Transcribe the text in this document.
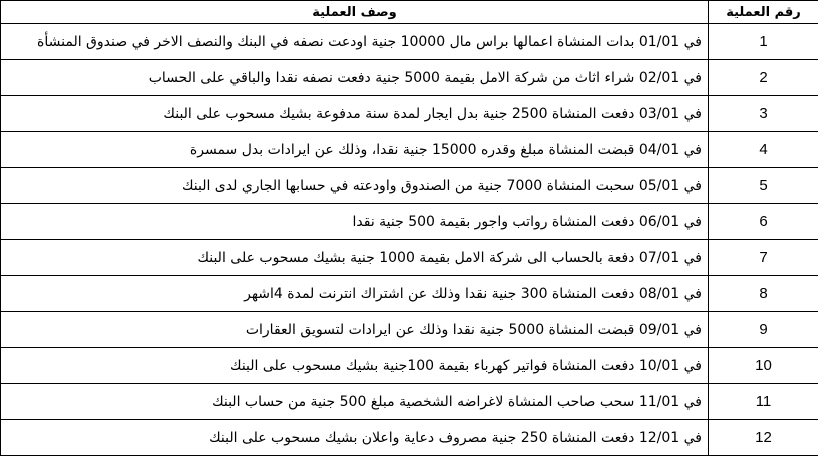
رقم العملية	وصف العملية
1	في 01/01 بدات المنشاة اعمالها براس مال 10000 جنية اودعت نصفه في البنك والنصف الاخر في صندوق المنشأة
2	في 02/01 شراء اثاث من شركة الامل بقيمة 5000 جنية دفعت نصفه نقدا والباقي على الحساب
3	في 03/01 دفعت المنشاة 2500 جنية بدل ايجار لمدة سنة مدفوعة بشيك مسحوب على البنك
4	في 04/01 قبضت المنشاة مبلغ وقدره 15000 جنية نقدا، وذلك عن ايرادات بدل سمسرة
5	في 05/01 سحبت المنشاة 7000 جنية من الصندوق واودعته في حسابها الجاري لدى البنك
6	في 06/01 دفعت المنشاة رواتب واجور بقيمة 500 جنية نقدا
7	في 07/01 دفعة بالحساب الى شركة الامل بقيمة 1000 جنية بشيك مسحوب على البنك
8	في 08/01 دفعت المنشاة 300 جنية نقدا وذلك عن اشتراك انترنت لمدة 4اشهر
9	في 09/01 قبضت المنشاة 5000 جنية نقدا وذلك عن ايرادات لتسويق العقارات
10	في 10/01 دفعت المنشاة فواتير كهرباء بقيمة 100جنية بشيك مسحوب على البنك
11	في 11/01 سحب صاحب المنشاة لاغراضه الشخصية مبلغ 500 جنية من حساب البنك
12	في 12/01 دفعت المنشاة 250 جنية مصروف دعاية واعلان بشيك مسحوب على البنك
